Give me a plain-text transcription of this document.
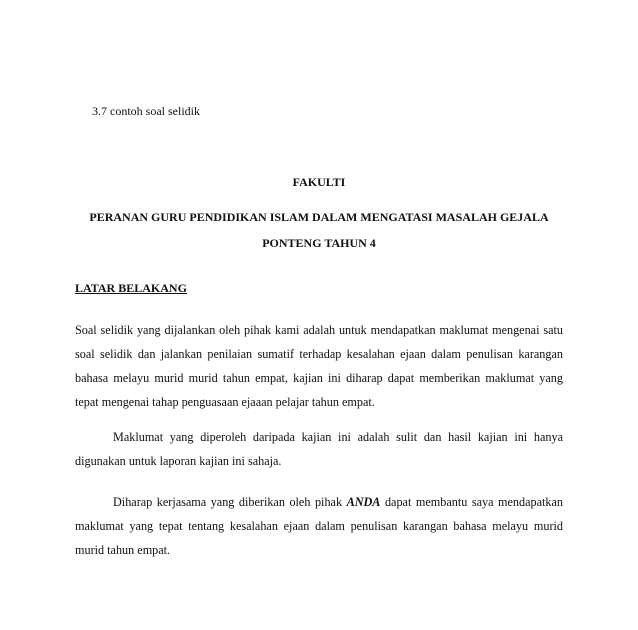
3.7 contoh soal selidik
FAKULTI
PERANAN GURU PENDIDIKAN ISLAM DALAM MENGATASI MASALAH GEJALA
PONTENG TAHUN 4
LATAR BELAKANG
Soal selidik yang dijalankan oleh pihak kami adalah untuk mendapatkan maklumat mengenai satu
soal selidik dan jalankan penilaian sumatif terhadap kesalahan ejaan dalam penulisan karangan
bahasa melayu murid murid tahun empat, kajian ini diharap dapat memberikan maklumat yang
tepat mengenai tahap penguasaan ejaaan pelajar tahun empat.
Maklumat yang diperoleh daripada kajian ini adalah sulit dan hasil kajian ini hanya
digunakan untuk laporan kajian ini sahaja.
Diharap kerjasama yang diberikan oleh pihak ANDA dapat membantu saya mendapatkan
maklumat yang tepat tentang kesalahan ejaan dalam penulisan karangan bahasa melayu murid
murid tahun empat.
